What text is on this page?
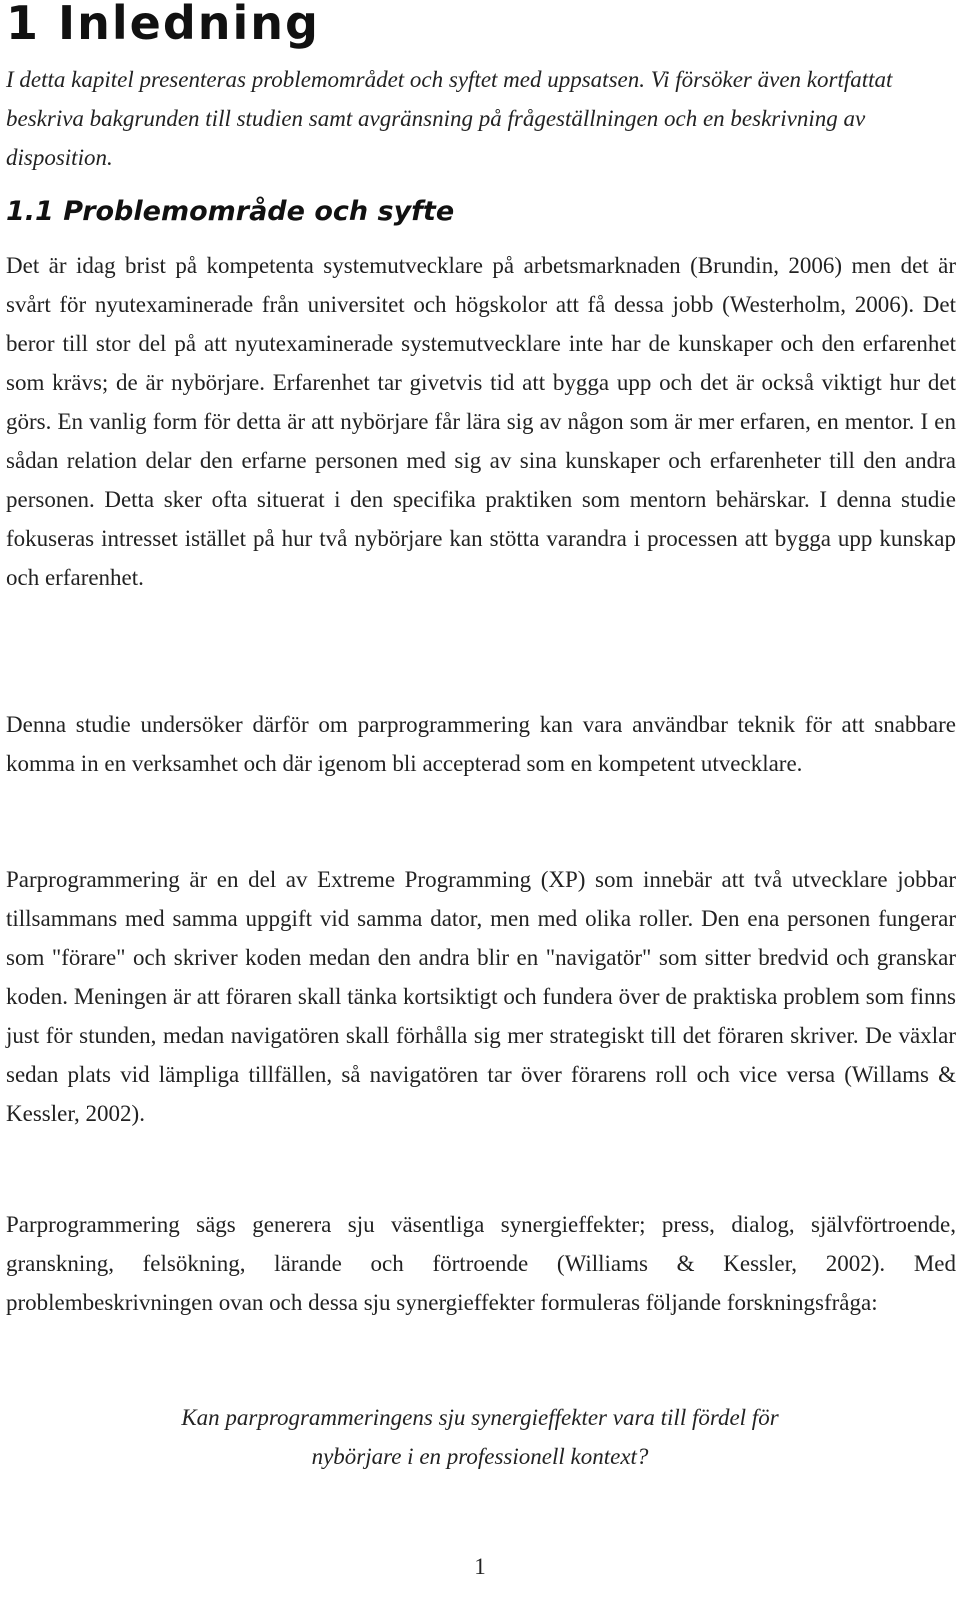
1 Inledning

I detta kapitel presenteras problemområdet och syftet med uppsatsen. Vi försöker även kortfattat beskriva bakgrunden till studien samt avgränsning på frågeställningen och en beskrivning av disposition.

1.1 Problemområde och syfte

Det är idag brist på kompetenta systemutvecklare på arbetsmarknaden (Brundin, 2006) men det är svårt för nyutexaminerade från universitet och högskolor att få dessa jobb (Westerholm, 2006). Det beror till stor del på att nyutexaminerade systemutvecklare inte har de kunskaper och den erfarenhet som krävs; de är nybörjare. Erfarenhet tar givetvis tid att bygga upp och det är också viktigt hur det görs. En vanlig form för detta är att nybörjare får lära sig av någon som är mer erfaren, en mentor. I en sådan relation delar den erfarne personen med sig av sina kunskaper och erfarenheter till den andra personen. Detta sker ofta situerat i den specifika praktiken som mentorn behärskar. I denna studie fokuseras intresset istället på hur två nybörjare kan stötta varandra i processen att bygga upp kunskap och erfarenhet.

Denna studie undersöker därför om parprogrammering kan vara användbar teknik för att snabbare komma in en verksamhet och där igenom bli accepterad som en kompetent utvecklare.

Parprogrammering är en del av Extreme Programming (XP) som innebär att två utvecklare jobbar tillsammans med samma uppgift vid samma dator, men med olika roller. Den ena personen fungerar som "förare" och skriver koden medan den andra blir en "navigatör" som sitter bredvid och granskar koden. Meningen är att föraren skall tänka kortsiktigt och fundera över de praktiska problem som finns just för stunden, medan navigatören skall förhålla sig mer strategiskt till det föraren skriver. De växlar sedan plats vid lämpliga tillfällen, så navigatören tar över förarens roll och vice versa (Willams & Kessler, 2002).

Parprogrammering sägs generera sju väsentliga synergieffekter; press, dialog, självförtroende, granskning, felsökning, lärande och förtroende (Williams & Kessler, 2002). Med problembeskrivningen ovan och dessa sju synergieffekter formuleras följande forskningsfråga:

Kan parprogrammeringens sju synergieffekter vara till fördel för
nybörjare i en professionell kontext?

1
